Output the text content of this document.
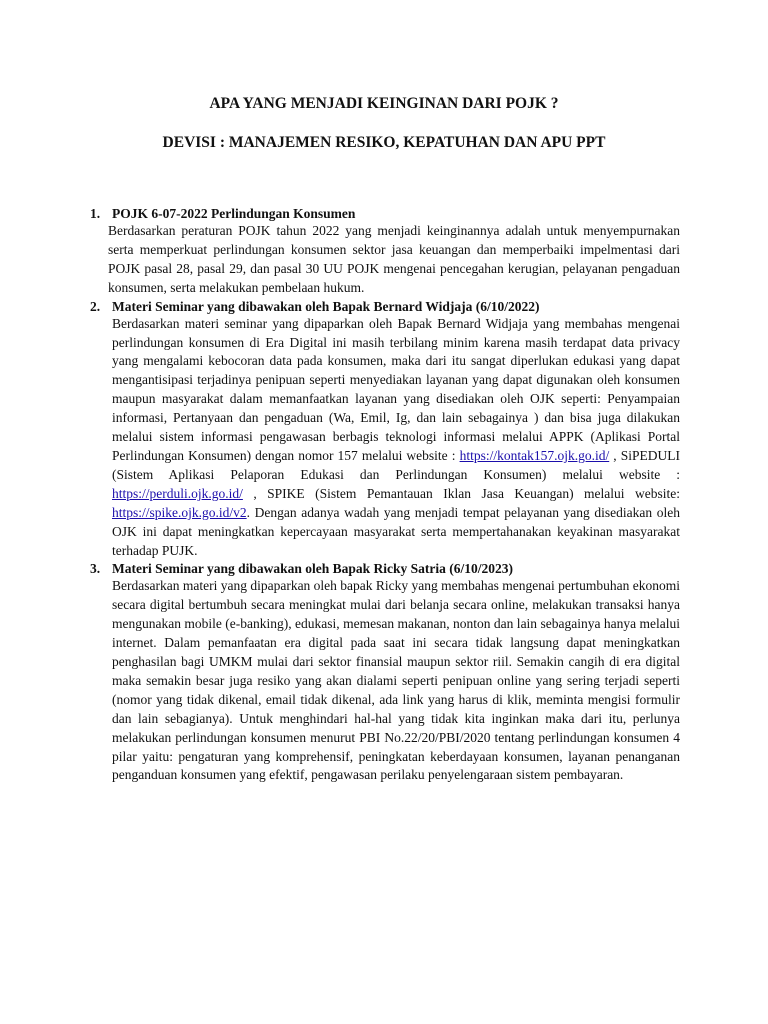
APA YANG MENJADI KEINGINAN DARI POJK ?
DEVISI : MANAJEMEN RESIKO, KEPATUHAN DAN APU PPT
1. POJK 6-07-2022 Perlindungan Konsumen

Berdasarkan peraturan POJK tahun 2022 yang menjadi keinginannya adalah untuk menyempurnakan serta memperkuat perlindungan konsumen sektor jasa keuangan dan memperbaiki impelmentasi dari POJK pasal 28, pasal 29, dan pasal 30 UU POJK mengenai pencegahan kerugian, pelayanan pengaduan konsumen, serta melakukan pembelaan hukum.

2. Materi Seminar yang dibawakan oleh Bapak Bernard Widjaja (6/10/2022)

Berdasarkan materi seminar yang dipaparkan oleh Bapak Bernard Widjaja yang membahas mengenai perlindungan konsumen di Era Digital ini masih terbilang minim karena masih terdapat data privacy yang mengalami kebocoran data pada konsumen, maka dari itu sangat diperlukan edukasi yang dapat mengantisipasi terjadinya penipuan seperti menyediakan layanan yang dapat digunakan oleh konsumen maupun masyarakat dalam memanfaatkan layanan yang disediakan oleh OJK seperti: Penyampaian informasi, Pertanyaan dan pengaduan (Wa, Emil, Ig, dan lain sebagainya ) dan bisa juga dilakukan melalui sistem informasi pengawasan berbagis teknologi informasi melalui APPK (Aplikasi Portal Perlindungan Konsumen) dengan nomor 157 melalui website : https://kontak157.ojk.go.id/ , SiPEDULI (Sistem Aplikasi Pelaporan Edukasi dan Perlindungan Konsumen) melalui website : https://perduli.ojk.go.id/ , SPIKE (Sistem Pemantauan Iklan Jasa Keuangan) melalui website: https://spike.ojk.go.id/v2. Dengan adanya wadah yang menjadi tempat pelayanan yang disediakan oleh OJK ini dapat meningkatkan kepercayaan masyarakat serta mempertahanakan keyakinan masyarakat terhadap PUJK.

3. Materi Seminar yang dibawakan oleh Bapak Ricky Satria (6/10/2023)

Berdasarkan materi yang dipaparkan oleh bapak Ricky yang membahas mengenai pertumbuhan ekonomi secara digital bertumbuh secara meningkat mulai dari belanja secara online, melakukan transaksi hanya mengunakan mobile (e-banking), edukasi, memesan makanan, nonton dan lain sebagainya hanya melalui internet. Dalam pemanfaatan era digital pada saat ini secara tidak langsung dapat meningkatkan penghasilan bagi UMKM mulai dari sektor finansial maupun sektor riil. Semakin cangih di era digital maka semakin besar juga resiko yang akan dialami seperti penipuan online yang sering terjadi seperti (nomor yang tidak dikenal, email tidak dikenal, ada link yang harus di klik, meminta mengisi formulir dan lain sebagianya). Untuk menghindari hal-hal yang tidak kita inginkan maka dari itu, perlunya melakukan perlindungan konsumen menurut PBI No.22/20/PBI/2020 tentang perlindungan konsumen 4 pilar yaitu: pengaturan yang komprehensif, peningkatan keberdayaan konsumen, layanan penanganan penganduan konsumen yang efektif, pengawasan perilaku penyelengaraan sistem pembayaran.
